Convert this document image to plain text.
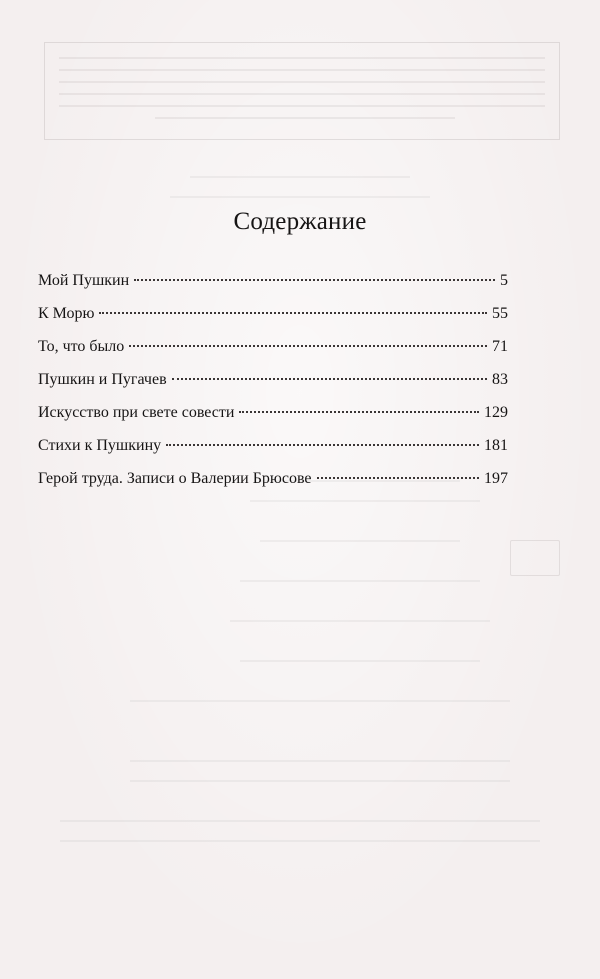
Содержание
Мой Пушкин	5
К Морю	55
То, что было	71
Пушкин и Пугачев	83
Искусство при свете совести	129
Стихи к Пушкину	181
Герой труда. Записи о Валерии Брюсове	197
